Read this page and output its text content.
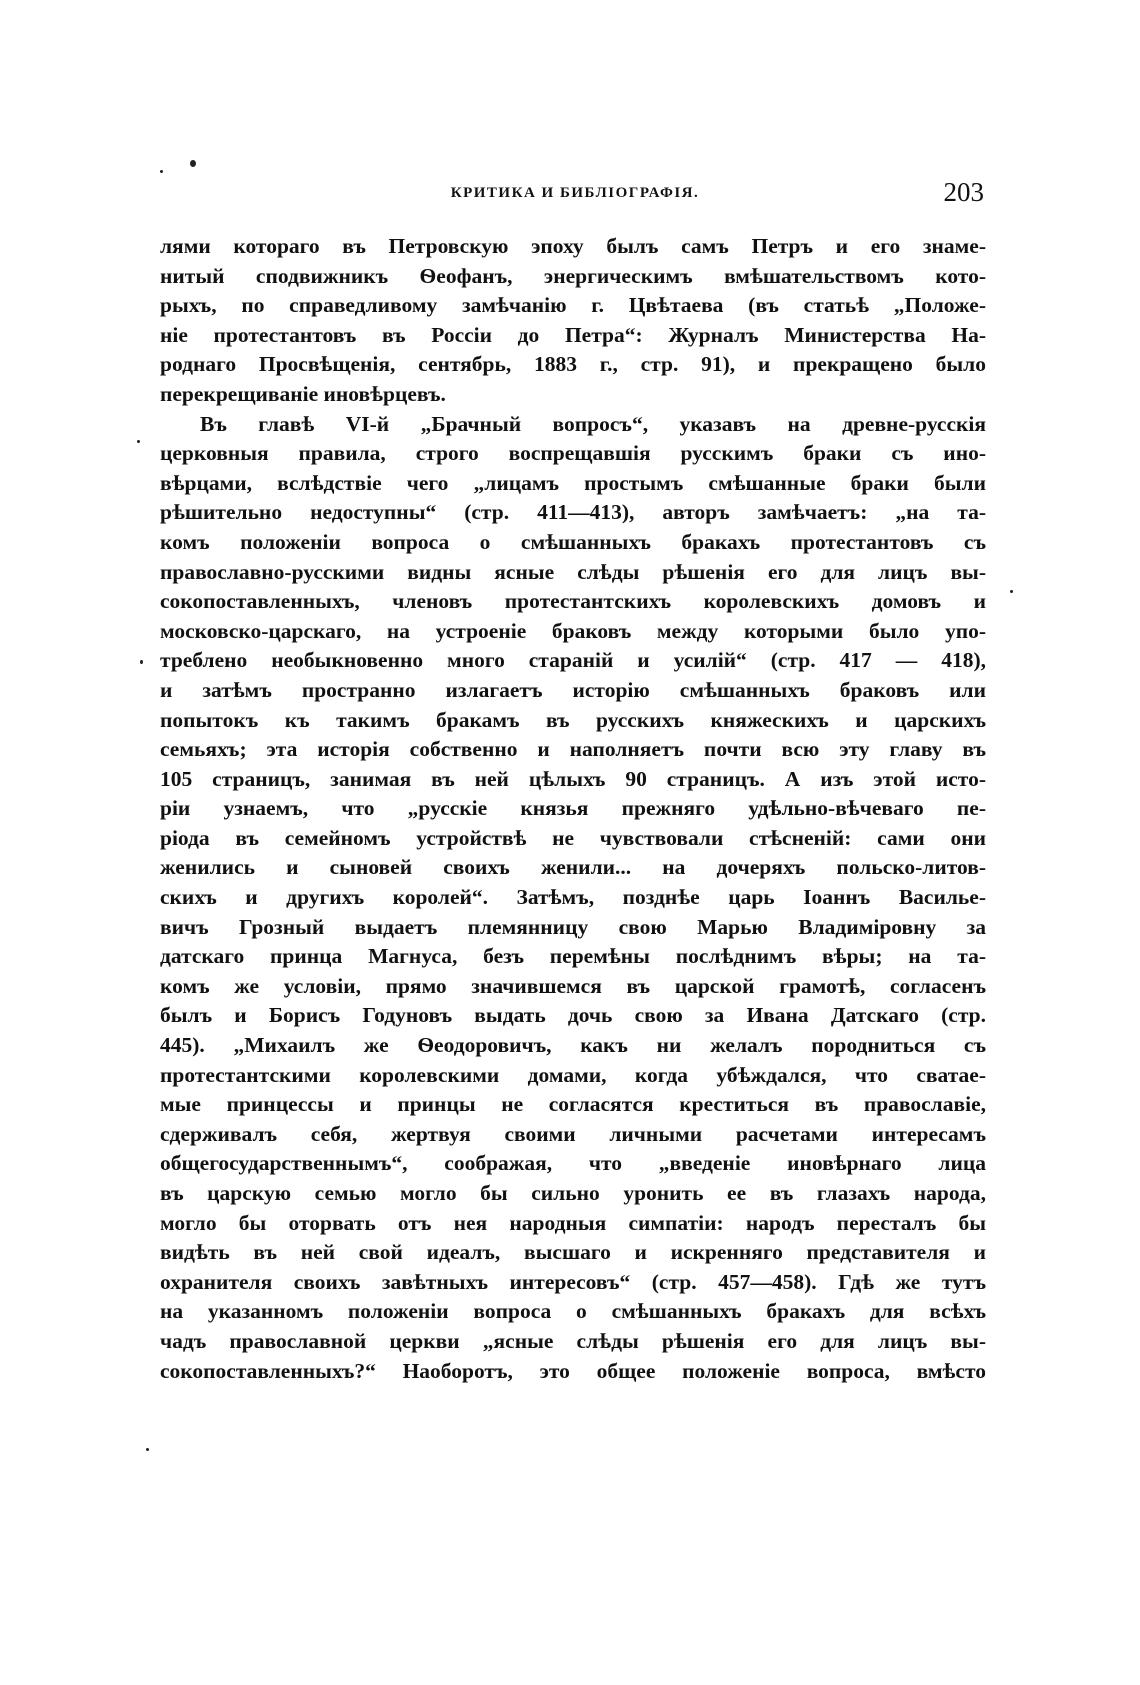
КРИТИКА И БИБЛIОГРАФIЯ.	203
лями котораго въ Петровскую эпоху былъ самъ Петръ и его знаме-
нитый сподвижникъ Ѳеофанъ, энергическимъ вмѣшательствомъ кото-
рыхъ, по справедливому замѣчанію г. Цвѣтаева (въ статьѣ „Положе-
ніе протестантовъ въ Россіи до Петра“: Журналъ Министерства На-
роднаго Просвѣщенія, сентябрь, 1883 г., стр. 91), и прекращено было
перекрещиваніе иновѣрцевъ.
Въ главѣ VI-й „Брачный вопросъ“, указавъ на древне-русскія
церковныя правила, строго воспрещавшія русскимъ браки съ ино-
вѣрцами, вслѣдствіе чего „лицамъ простымъ смѣшанные браки были
рѣшительно недоступны“ (стр. 411—413), авторъ замѣчаетъ: „на та-
комъ положеніи вопроса о смѣшанныхъ бракахъ протестантовъ съ
православно-русскими видны ясные слѣды рѣшенія его для лицъ вы-
сокопоставленныхъ, членовъ протестантскихъ королевскихъ домовъ и
московско-царскаго, на устроеніе браковъ между которыми было упо-
треблено необыкновенно много стараній и усилій“ (стр. 417 — 418),
и затѣмъ пространно излагаетъ исторію смѣшанныхъ браковъ или
попытокъ къ такимъ бракамъ въ русскихъ княжескихъ и царскихъ
семьяхъ; эта исторія собственно и наполняетъ почти всю эту главу въ
105 страницъ, занимая въ ней цѣлыхъ 90 страницъ. А изъ этой исто-
ріи узнаемъ, что „русскіе князья прежняго удѣльно-вѣчеваго пе-
ріода въ семейномъ устройствѣ не чувствовали стѣсненій: сами они
женились и сыновей своихъ женили... на дочеряхъ польско-литов-
скихъ и другихъ королей“. Затѣмъ, позднѣе царь Іоаннъ Василье-
вичъ Грозный выдаетъ племянницу свою Марью Владиміровну за
датскаго принца Магнуса, безъ перемѣны послѣднимъ вѣры; на та-
комъ же условіи, прямо значившемся въ царской грамотѣ, согласенъ
былъ и Борисъ Годуновъ выдать дочь свою за Ивана Датскаго (стр.
445). „Михаилъ же Ѳеодоровичъ, какъ ни желалъ породниться съ
протестантскими королевскими домами, когда убѣждался, что сватае-
мые принцессы и принцы не согласятся креститься въ православіе,
сдерживалъ себя, жертвуя своими личными расчетами интересамъ
общегосударственнымъ“, соображая, что „введеніе иновѣрнаго лица
въ царскую семью могло бы сильно уронить ее въ глазахъ народа,
могло бы оторвать отъ нея народныя симпатіи: народъ пересталъ бы
видѣть въ ней свой идеалъ, высшаго и искренняго представителя и
охранителя своихъ завѣтныхъ интересовъ“ (стр. 457—458). Гдѣ же тутъ
на указанномъ положеніи вопроса о смѣшанныхъ бракахъ для всѣхъ
чадъ православной церкви „ясные слѣды рѣшенія его для лицъ вы-
сокопоставленныхъ?“ Наоборотъ, это общее положеніе вопроса, вмѣсто
